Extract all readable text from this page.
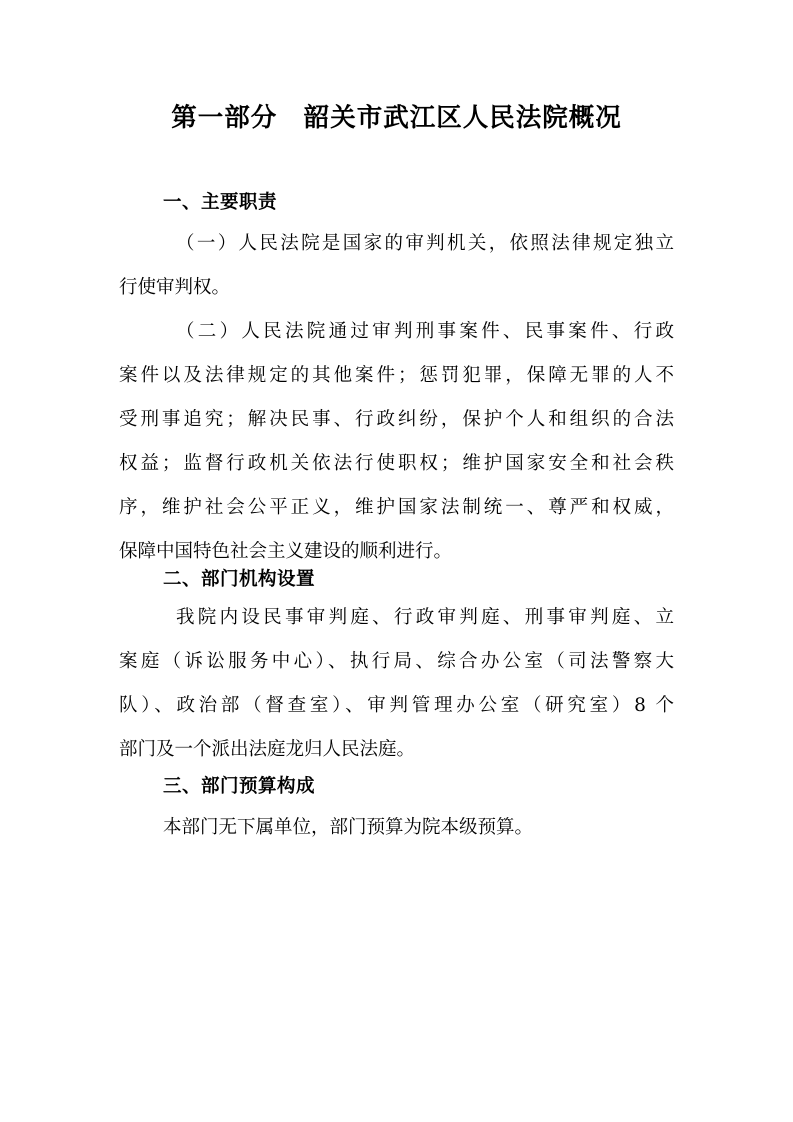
第一部分　韶关市武江区人民法院概况
一、主要职责
（一）人民法院是国家的审判机关，依照法律规定独立
行使审判权。
（二）人民法院通过审判刑事案件、民事案件、行政
案件以及法律规定的其他案件；惩罚犯罪，保障无罪的人不
受刑事追究；解决民事、行政纠纷，保护个人和组织的合法
权益；监督行政机关依法行使职权；维护国家安全和社会秩
序，维护社会公平正义，维护国家法制统一、尊严和权威，
保障中国特色社会主义建设的顺利进行。
二、部门机构设置
我院内设民事审判庭、行政审判庭、刑事审判庭、立
案庭（诉讼服务中心）、执行局、综合办公室（司法警察大
队）、政治部（督查室）、审判管理办公室（研究室）8 个
部门及一个派出法庭龙归人民法庭。
三、部门预算构成
本部门无下属单位，部门预算为院本级预算。
